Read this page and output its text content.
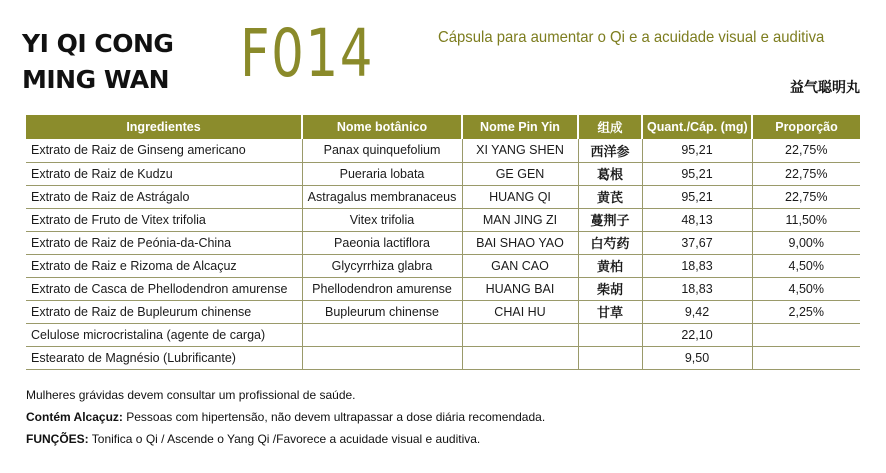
YI QI CONG MING WAN	F014	Cápsula para aumentar o Qi e a acuidade visual e auditiva
益气聪明丸
Ingredientes	Nome botânico	Nome Pin Yin	组成	Quant./Cáp. (mg)	Proporção
Extrato de Raiz de Ginseng americano	Panax quinquefolium	XI YANG SHEN	西洋参	95,21	22,75%
Extrato de Raiz de Kudzu	Pueraria lobata	GE GEN	葛根	95,21	22,75%
Extrato de Raiz de Astrágalo	Astragalus membranaceus	HUANG QI	黄芪	95,21	22,75%
Extrato de Fruto de Vitex trifolia	Vitex trifolia	MAN JING ZI	蔓荆子	48,13	11,50%
Extrato de Raiz de Peónia-da-China	Paeonia lactiflora	BAI SHAO YAO	白芍药	37,67	9,00%
Extrato de Raiz e Rizoma de Alcaçuz	Glycyrrhiza glabra	GAN CAO	黄柏	18,83	4,50%
Extrato de Casca de Phellodendron amurense	Phellodendron amurense	HUANG BAI	柴胡	18,83	4,50%
Extrato de Raiz de Bupleurum chinense	Bupleurum chinense	CHAI HU	甘草	9,42	2,25%
Celulose microcristalina (agente de carga)				22,10	
Estearato de Magnésio (Lubrificante)				9,50	
Mulheres grávidas devem consultar um profissional de saúde.
Contém Alcaçuz: Pessoas com hipertensão, não devem ultrapassar a dose diária recomendada.
FUNÇÕES: Tonifica o Qi / Ascende o Yang Qi /Favorece a acuidade visual e auditiva.
